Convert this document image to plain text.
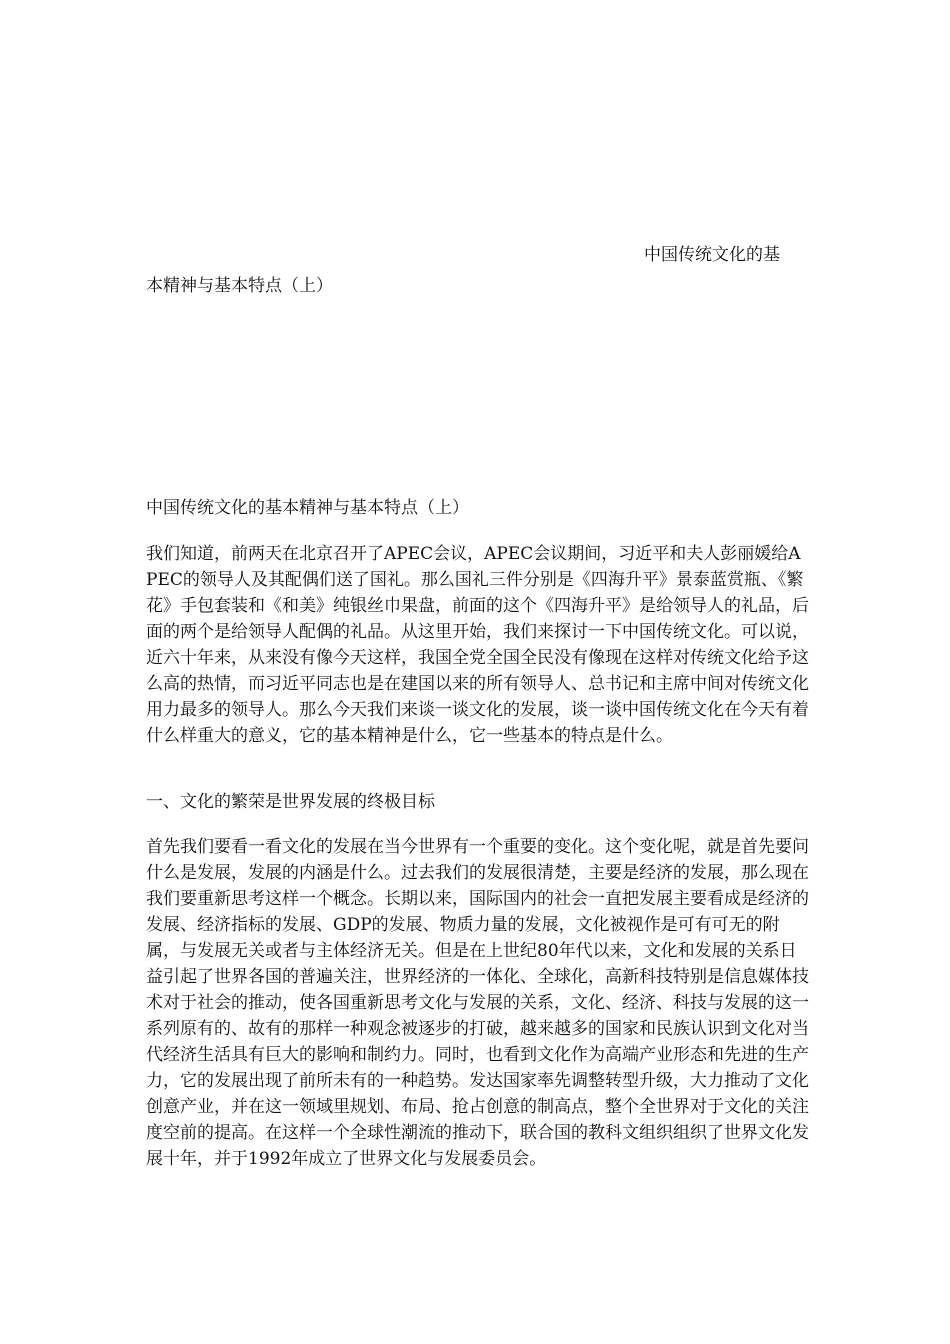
中国传统文化的基
本精神与基本特点（上）
中国传统文化的基本精神与基本特点（上）

我们知道，前两天在北京召开了APEC会议，APEC会议期间，习近平和夫人彭丽媛给APEC的领导人及其配偶们送了国礼。那么国礼三件分别是《四海升平》景泰蓝赏瓶、《繁花》手包套装和《和美》纯银丝巾果盘，前面的这个《四海升平》是给领导人的礼品，后面的两个是给领导人配偶的礼品。从这里开始，我们来探讨一下中国传统文化。可以说，近六十年来，从来没有像今天这样，我国全党全国全民没有像现在这样对传统文化给予这么高的热情，而习近平同志也是在建国以来的所有领导人、总书记和主席中间对传统文化用力最多的领导人。那么今天我们来谈一谈文化的发展，谈一谈中国传统文化在今天有着什么样重大的意义，它的基本精神是什么，它一些基本的特点是什么。

一、文化的繁荣是世界发展的终极目标

首先我们要看一看文化的发展在当今世界有一个重要的变化。这个变化呢，就是首先要问什么是发展，发展的内涵是什么。过去我们的发展很清楚，主要是经济的发展，那么现在我们要重新思考这样一个概念。长期以来，国际国内的社会一直把发展主要看成是经济的发展、经济指标的发展、GDP的发展、物质力量的发展，文化被视作是可有可无的附属，与发展无关或者与主体经济无关。但是在上世纪80年代以来，文化和发展的关系日益引起了世界各国的普遍关注，世界经济的一体化、全球化，高新科技特别是信息媒体技术对于社会的推动，使各国重新思考文化与发展的关系，文化、经济、科技与发展的这一系列原有的、故有的那样一种观念被逐步的打破，越来越多的国家和民族认识到文化对当代经济生活具有巨大的影响和制约力。同时，也看到文化作为高端产业形态和先进的生产力，它的发展出现了前所未有的一种趋势。发达国家率先调整转型升级，大力推动了文化创意产业，并在这一领域里规划、布局、抢占创意的制高点，整个全世界对于文化的关注度空前的提高。在这样一个全球性潮流的推动下，联合国的教科文组织组织了世界文化发展十年，并于1992年成立了世界文化与发展委员会。
